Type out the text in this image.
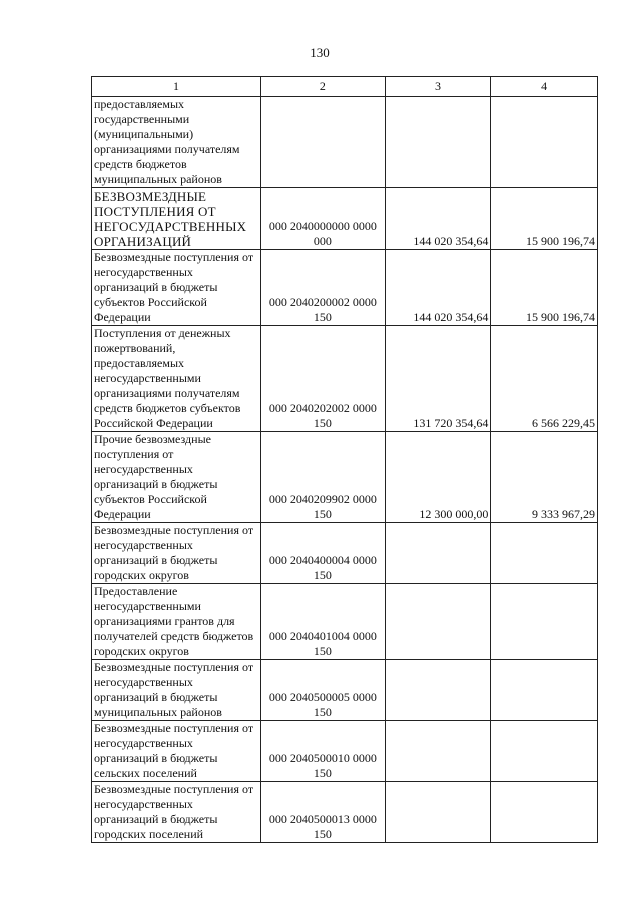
130
1	2	3	4
предоставляемых государственными (муниципальными) организациями получателям средств бюджетов муниципальных районов			
БЕЗВОЗМЕЗДНЫЕ ПОСТУПЛЕНИЯ ОТ НЕГОСУДАРСТВЕННЫХ ОРГАНИЗАЦИЙ	000 2040000000 0000 000	144 020 354,64	15 900 196,74
Безвозмездные поступления от негосударственных организаций в бюджеты субъектов Российской Федерации	000 2040200002 0000 150	144 020 354,64	15 900 196,74
Поступления от денежных пожертвований, предоставляемых негосударственными организациями получателям средств бюджетов субъектов Российской Федерации	000 2040202002 0000 150	131 720 354,64	6 566 229,45
Прочие безвозмездные поступления от негосударственных организаций в бюджеты субъектов Российской Федерации	000 2040209902 0000 150	12 300 000,00	9 333 967,29
Безвозмездные поступления от негосударственных организаций в бюджеты городских округов	000 2040400004 0000 150		
Предоставление негосударственными организациями грантов для получателей средств бюджетов городских округов	000 2040401004 0000 150		
Безвозмездные поступления от негосударственных организаций в бюджеты муниципальных районов	000 2040500005 0000 150		
Безвозмездные поступления от негосударственных организаций в бюджеты сельских поселений	000 2040500010 0000 150		
Безвозмездные поступления от негосударственных организаций в бюджеты городских поселений	000 2040500013 0000 150		
